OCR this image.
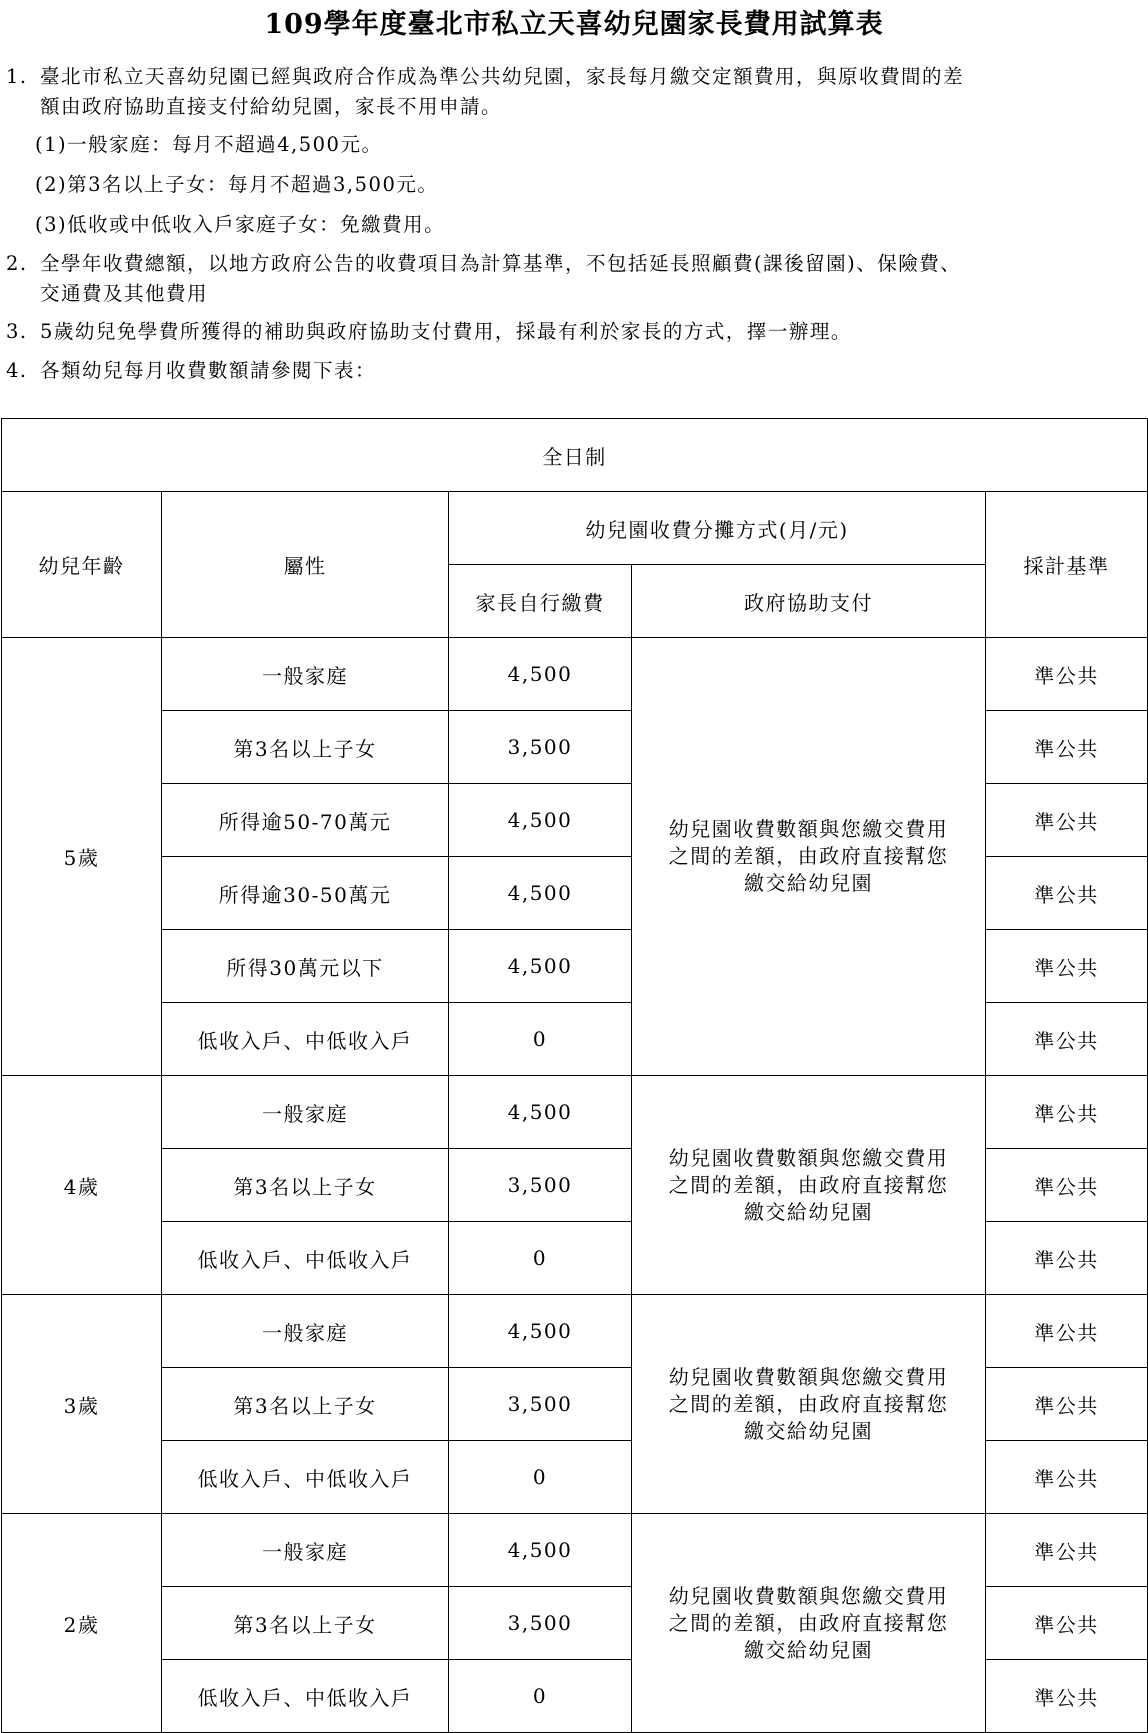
109學年度臺北市私立天喜幼兒園家長費用試算表
1. 臺北市私立天喜幼兒園已經與政府合作成為準公共幼兒園，家長每月繳交定額費用，與原收費間的差
額由政府協助直接支付給幼兒園，家長不用申請。
(1)一般家庭：每月不超過4,500元。
(2)第3名以上子女：每月不超過3,500元。
(3)低收或中低收入戶家庭子女：免繳費用。
2. 全學年收費總額，以地方政府公告的收費項目為計算基準，不包括延長照顧費(課後留園)、保險費、
交通費及其他費用
3. 5歲幼兒免學費所獲得的補助與政府協助支付費用，採最有利於家長的方式，擇一辦理。
4. 各類幼兒每月收費數額請參閱下表：
全日制				
幼兒年齡	屬性	幼兒園收費分攤方式(月/元)		採計基準
		家長自行繳費	政府協助支付	
5歲	一般家庭	4,500	幼兒園收費數額與您繳交費用
之間的差額，由政府直接幫您
繳交給幼兒園	準公共
	第3名以上子女	3,500		準公共
	所得逾50-70萬元	4,500		準公共
	所得逾30-50萬元	4,500		準公共
	所得30萬元以下	4,500		準公共
	低收入戶、中低收入戶	0		準公共
4歲	一般家庭	4,500	幼兒園收費數額與您繳交費用
之間的差額，由政府直接幫您
繳交給幼兒園	準公共
	第3名以上子女	3,500		準公共
	低收入戶、中低收入戶	0		準公共
3歲	一般家庭	4,500	幼兒園收費數額與您繳交費用
之間的差額，由政府直接幫您
繳交給幼兒園	準公共
	第3名以上子女	3,500		準公共
	低收入戶、中低收入戶	0		準公共
2歲	一般家庭	4,500	幼兒園收費數額與您繳交費用
之間的差額，由政府直接幫您
繳交給幼兒園	準公共
	第3名以上子女	3,500		準公共
	低收入戶、中低收入戶	0		準公共
